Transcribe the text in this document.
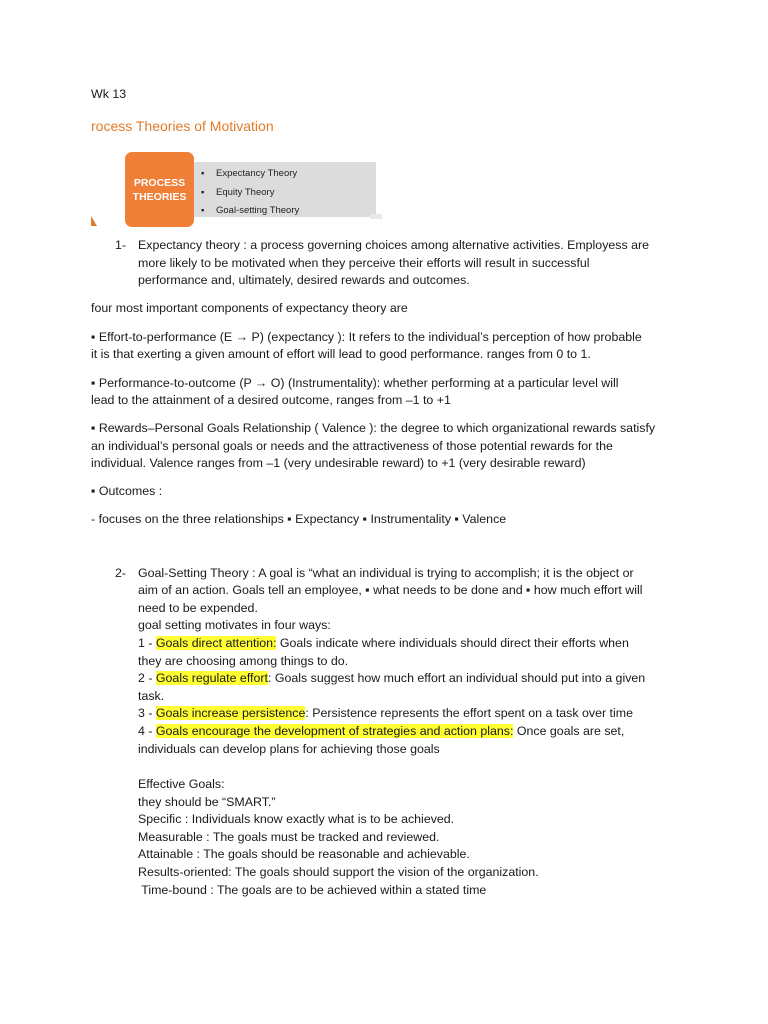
Wk 13
rocess Theories of Motivation
PROCESS
THEORIES
▪ Expectancy Theory
▪ Equity Theory
▪ Goal-setting Theory
1- Expectancy theory : a process governing choices among alternative activities. Employess are
more likely to be motivated when they perceive their efforts will result in successful
performance and, ultimately, desired rewards and outcomes.
four most important components of expectancy theory are
▪ Effort-to-performance (E → P) (expectancy ): It refers to the individual’s perception of how probable
it is that exerting a given amount of effort will lead to good performance. ranges from 0 to 1.
▪ Performance-to-outcome (P → O) (Instrumentality): whether performing at a particular level will
lead to the attainment of a desired outcome, ranges from –1 to +1
▪ Rewards–Personal Goals Relationship ( Valence ): the degree to which organizational rewards satisfy
an individual’s personal goals or needs and the attractiveness of those potential rewards for the
individual. Valence ranges from –1 (very undesirable reward) to +1 (very desirable reward)
▪ Outcomes :
- focuses on the three relationships ▪ Expectancy ▪ Instrumentality ▪ Valence
2- Goal-Setting Theory : A goal is “what an individual is trying to accomplish; it is the object or
aim of an action. Goals tell an employee, ▪ what needs to be done and ▪ how much effort will
need to be expended.
goal setting motivates in four ways:
1 - Goals direct attention: Goals indicate where individuals should direct their efforts when
they are choosing among things to do.
2 - Goals regulate effort: Goals suggest how much effort an individual should put into a given
task.
3 - Goals increase persistence: Persistence represents the effort spent on a task over time
4 - Goals encourage the development of strategies and action plans: Once goals are set,
individuals can develop plans for achieving those goals
Effective Goals:
they should be “SMART.”
Specific : Individuals know exactly what is to be achieved.
Measurable : The goals must be tracked and reviewed.
Attainable : The goals should be reasonable and achievable.
Results-oriented: The goals should support the vision of the organization.
Time-bound : The goals are to be achieved within a stated time
